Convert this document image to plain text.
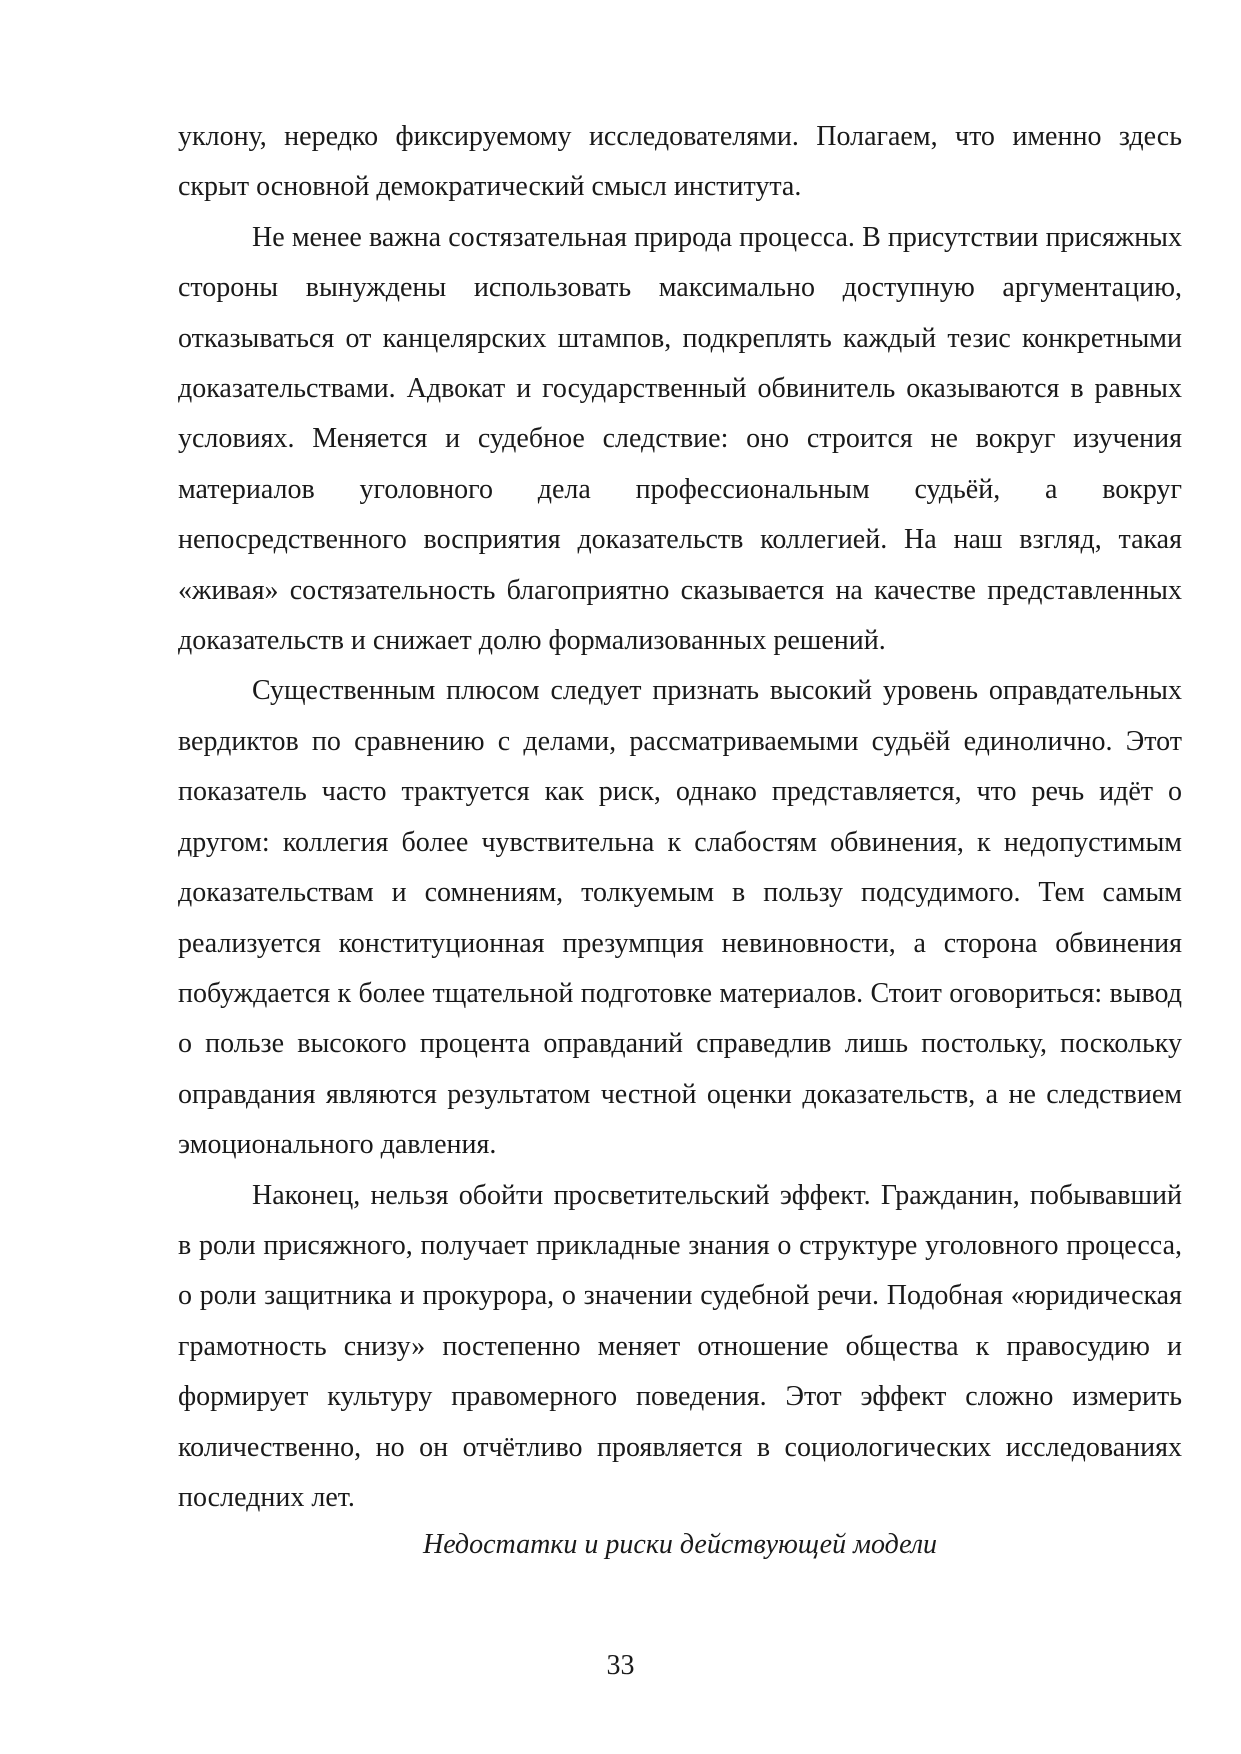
уклону, нередко фиксируемому исследователями. Полагаем, что именно здесь скрыт основной демократический смысл института.

Не менее важна состязательная природа процесса. В присутствии присяжных стороны вынуждены использовать максимально доступную аргументацию, отказываться от канцелярских штампов, подкреплять каждый тезис конкретными доказательствами. Адвокат и государственный обвинитель оказываются в равных условиях. Меняется и судебное следствие: оно строится не вокруг изучения материалов уголовного дела профессиональным судьёй, а вокруг непосредственного восприятия доказательств коллегией. На наш взгляд, такая «живая» состязательность благоприятно сказывается на качестве представленных доказательств и снижает долю формализованных решений.

Существенным плюсом следует признать высокий уровень оправдательных вердиктов по сравнению с делами, рассматриваемыми судьёй единолично. Этот показатель часто трактуется как риск, однако представляется, что речь идёт о другом: коллегия более чувствительна к слабостям обвинения, к недопустимым доказательствам и сомнениям, толкуемым в пользу подсудимого. Тем самым реализуется конституционная презумпция невиновности, а сторона обвинения побуждается к более тщательной подготовке материалов. Стоит оговориться: вывод о пользе высокого процента оправданий справедлив лишь постольку, поскольку оправдания являются результатом честной оценки доказательств, а не следствием эмоционального давления.

Наконец, нельзя обойти просветительский эффект. Гражданин, побывавший в роли присяжного, получает прикладные знания о структуре уголовного процесса, о роли защитника и прокурора, о значении судебной речи. Подобная «юридическая грамотность снизу» постепенно меняет отношение общества к правосудию и формирует культуру правомерного поведения. Этот эффект сложно измерить количественно, но он отчётливо проявляется в социологических исследованиях последних лет.

Недостатки и риски действующей модели

33
